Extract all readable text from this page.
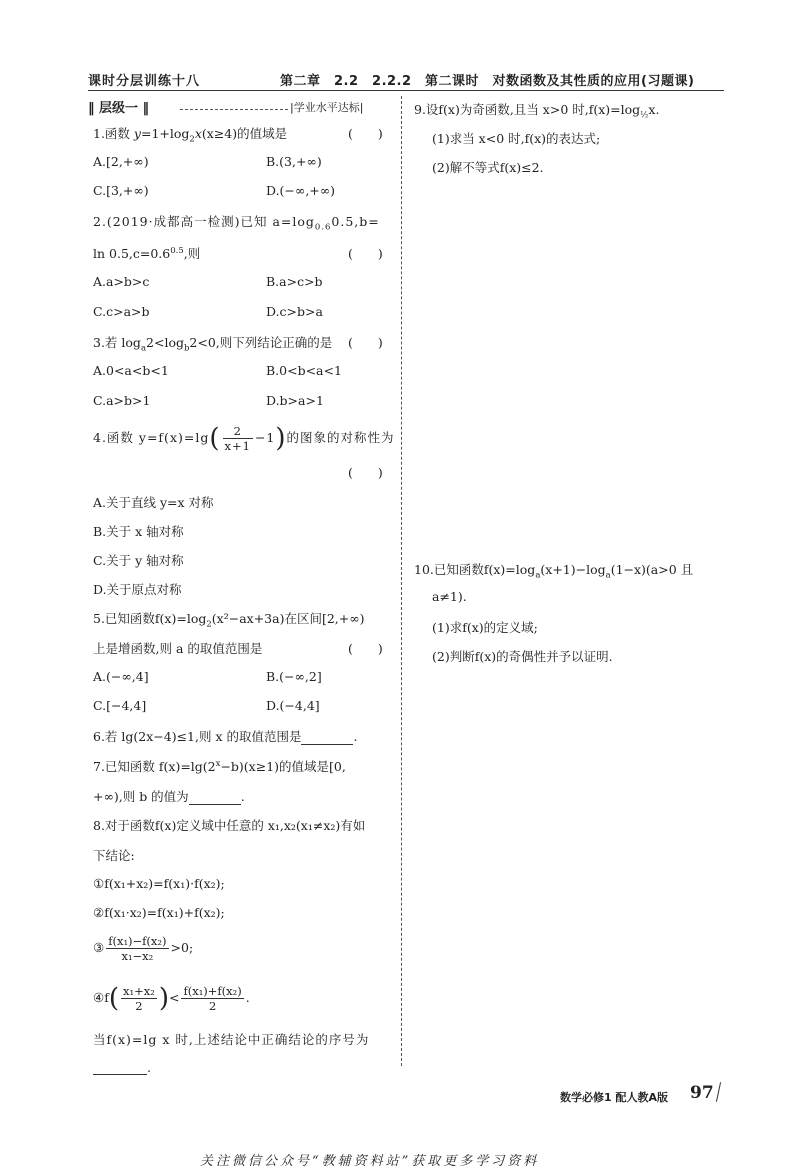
课时分层训练十八	第二章　2.2　2.2.2　第二课时　对数函数及其性质的应用(习题课)
‖ 层级一 ‖	|学业水平达标|
1.函数 $y=1+\log_2x(x\ge 4)$的值域是	(　　)
A.[2,+∞)	B.(3,+∞)
C.[3,+∞)	D.(−∞,+∞)
2.(2019·成都高一检测)已知 $a=\log_{0.6}0.5,b=$
$\ln 0.5,c=0.6^{0.5}$,则	(　　)
A.a>b>c	B.a>c>b
C.c>a>b	D.c>b>a
3.若 $\log_a2<\log_b2<0$,则下列结论正确的是 (　　)
A.0<a<b<1	B.0<b<a<1
C.a>b>1	D.b>a>1
4.函数 $y=f(x)=\lg( \frac{2}{x+1} -1)$的图象的对称性为
(　　)
A.关于直线 y=x 对称
B.关于 x 轴对称
C.关于 y 轴对称
D.关于原点对称
5.已知函数$f(x)=\log_2(x^2-ax+3a)$在区间[2,+∞)
上是增函数,则 a 的取值范围是	(　　)
A.(−∞,4]	B.(−∞,2]
C.[−4,4]	D.(−4,4]
6.若 lg(2x−4)≤1,则 x 的取值范围是	.
7.已知函数 $f(x)=\lg(2^x-b)(x\ge 1)$的值域是[0,
+∞),则 b 的值为	.
8.对于函数f(x)定义域中任意的 x₁,x₂(x₁≠x₂)有如
下结论:
①f(x₁+x₂)=f(x₁)·f(x₂);
②f(x₁·x₂)=f(x₁)+f(x₂);
③ $\frac{\text{f(x₁)−f(x₂)}}{\text{x₁−x₂}} >0$;
④f( $\frac{\text{x₁+x₂}}{2}$ )< $\frac{\text{f(x₁)+f(x₂)}}{2}$ .
当f(x)=lg x 时,上述结论中正确结论的序号为
.
9.设f(x)为奇函数,且当 x>0 时$,f(x)=\log_{\frac{1}{2}}x$.
(1)求当 x<0 时,f(x)的表达式;
(2)解不等式f(x)≤2.
10.已知函数$f(x)=\log_a(x+1)-\log_a(1-x)(a>0$ 且
a≠1).
(1)求f(x)的定义域;
(2)判断f(x)的奇偶性并予以证明.
数学必修1 配人教A版 97
关注微信公众号“教辅资料站”获取更多学习资料
